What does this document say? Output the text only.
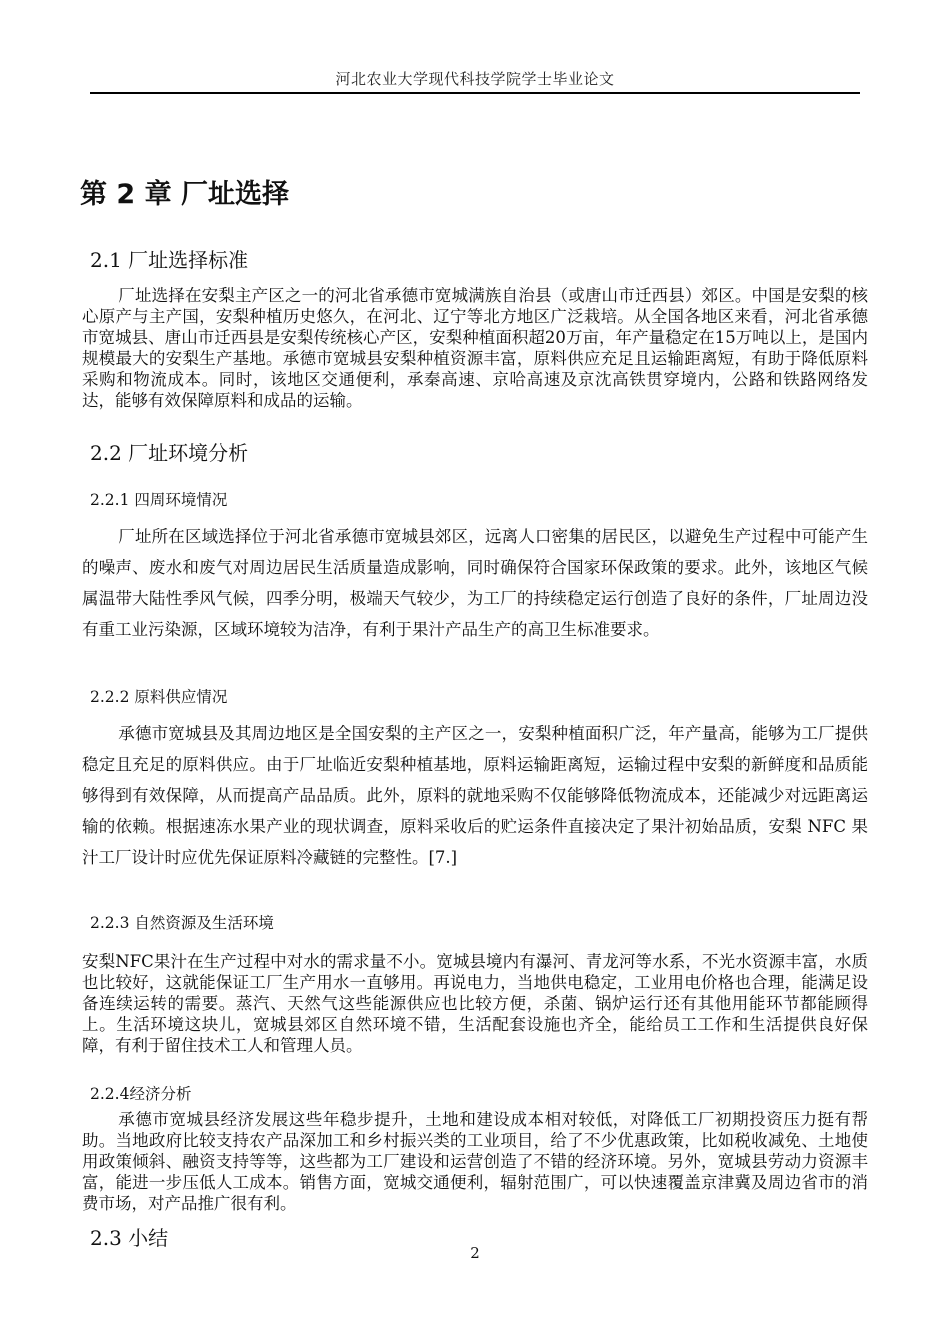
河北农业大学现代科技学院学士毕业论文
第 2 章 厂址选择
2.1 厂址选择标准
厂址选择在安梨主产区之一的河北省承德市宽城满族自治县（或唐山市迁西县）郊区。中国是安梨的核心原产与主产国，安梨种植历史悠久，在河北、辽宁等北方地区广泛栽培。从全国各地区来看，河北省承德市宽城县、唐山市迁西县是安梨传统核心产区，安梨种植面积超20万亩，年产量稳定在15万吨以上，是国内规模最大的安梨生产基地。承德市宽城县安梨种植资源丰富，原料供应充足且运输距离短，有助于降低原料采购和物流成本。同时，该地区交通便利，承秦高速、京哈高速及京沈高铁贯穿境内，公路和铁路网络发达，能够有效保障原料和成品的运输。
2.2 厂址环境分析
2.2.1 四周环境情况
厂址所在区域选择位于河北省承德市宽城县郊区，远离人口密集的居民区，以避免生产过程中可能产生的噪声、废水和废气对周边居民生活质量造成影响，同时确保符合国家环保政策的要求。此外，该地区气候属温带大陆性季风气候，四季分明，极端天气较少，为工厂的持续稳定运行创造了良好的条件，厂址周边没有重工业污染源，区域环境较为洁净，有利于果汁产品生产的高卫生标准要求。
2.2.2 原料供应情况
承德市宽城县及其周边地区是全国安梨的主产区之一，安梨种植面积广泛，年产量高，能够为工厂提供稳定且充足的原料供应。由于厂址临近安梨种植基地，原料运输距离短，运输过程中安梨的新鲜度和品质能够得到有效保障，从而提高产品品质。此外，原料的就地采购不仅能够降低物流成本，还能减少对远距离运输的依赖。根据速冻水果产业的现状调查，原料采收后的贮运条件直接决定了果汁初始品质，安梨 NFC 果汁工厂设计时应优先保证原料冷藏链的完整性。[7.]
2.2.3 自然资源及生活环境
安梨NFC果汁在生产过程中对水的需求量不小。宽城县境内有瀑河、青龙河等水系，不光水资源丰富，水质也比较好，这就能保证工厂生产用水一直够用。再说电力，当地供电稳定，工业用电价格也合理，能满足设备连续运转的需要。蒸汽、天然气这些能源供应也比较方便，杀菌、锅炉运行还有其他用能环节都能顾得上。生活环境这块儿，宽城县郊区自然环境不错，生活配套设施也齐全，能给员工工作和生活提供良好保障，有利于留住技术工人和管理人员。
2.2.4经济分析
承德市宽城县经济发展这些年稳步提升，土地和建设成本相对较低，对降低工厂初期投资压力挺有帮助。当地政府比较支持农产品深加工和乡村振兴类的工业项目，给了不少优惠政策，比如税收减免、土地使用政策倾斜、融资支持等等，这些都为工厂建设和运营创造了不错的经济环境。另外，宽城县劳动力资源丰富，能进一步压低人工成本。销售方面，宽城交通便利，辐射范围广，可以快速覆盖京津冀及周边省市的消费市场，对产品推广很有利。
2.3 小结
2
